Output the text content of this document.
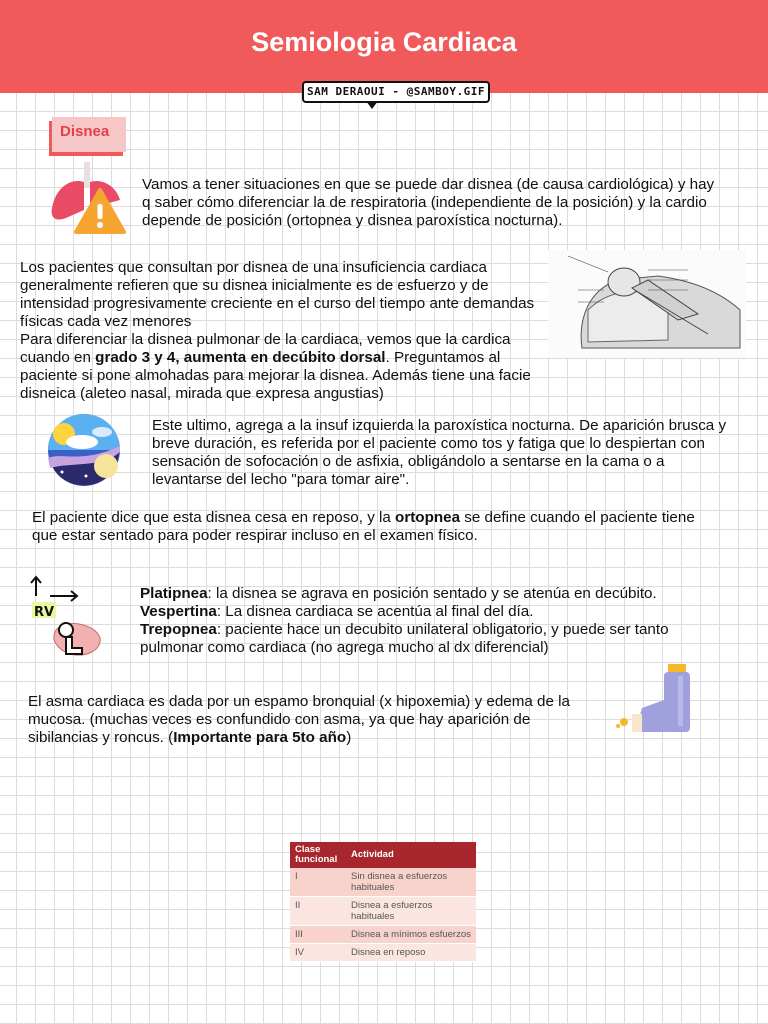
Semiologia Cardiaca
SAM DERAOUI - @SAMBOY.GIF
Disnea
Vamos a tener situaciones en que se puede dar disnea (de causa cardiológica) y hay q saber cómo diferenciar la de respiratoria (independiente de la posición) y la cardio depende de posición (ortopnea y disnea paroxística nocturna).
Los pacientes que consultan por disnea de una insuficiencia cardiaca generalmente refieren que su disnea inicialmente es de esfuerzo y de intensidad progresivamente creciente en el curso del tiempo ante demandas físicas cada vez menores
Para diferenciar la disnea pulmonar de la cardiaca, vemos que la cardica cuando en grado 3 y 4, aumenta en decúbito dorsal. Preguntamos al paciente si pone almohadas para mejorar la disnea. Además tiene una facie disneica (aleteo nasal, mirada que expresa angustias)
Este ultimo, agrega a la insuf izquierda la paroxística nocturna. De aparición brusca y breve duración, es referida por el paciente como tos y fatiga que lo despiertan con sensación de sofocación o de asfixia, obligándolo a sentarse en la cama o a levantarse del lecho "para tomar aire".
El paciente dice que esta disnea cesa en reposo, y la ortopnea se define cuando el paciente tiene que estar sentado para poder respirar incluso en el examen físico.
RV
Platipnea: la disnea se agrava en posición sentado y se atenúa en decúbito.
Vespertina: La disnea cardiaca se acentúa al final del día.
Trepopnea: paciente hace un decubito unilateral obligatorio, y puede ser tanto pulmonar como cardiaca (no agrega mucho al dx diferencial)
El asma cardiaca es dada por un espamo bronquial (x hipoxemia) y edema de la mucosa. (muchas veces es confundido con asma, ya que hay aparición de sibilancias y roncus. (Importante para 5to año)
Clase funcional	Actividad
I	Sin disnea a esfuerzos habituales
II	Disnea a esfuerzos habituales
III	Disnea a mínimos esfuerzos
IV	Disnea en reposo
